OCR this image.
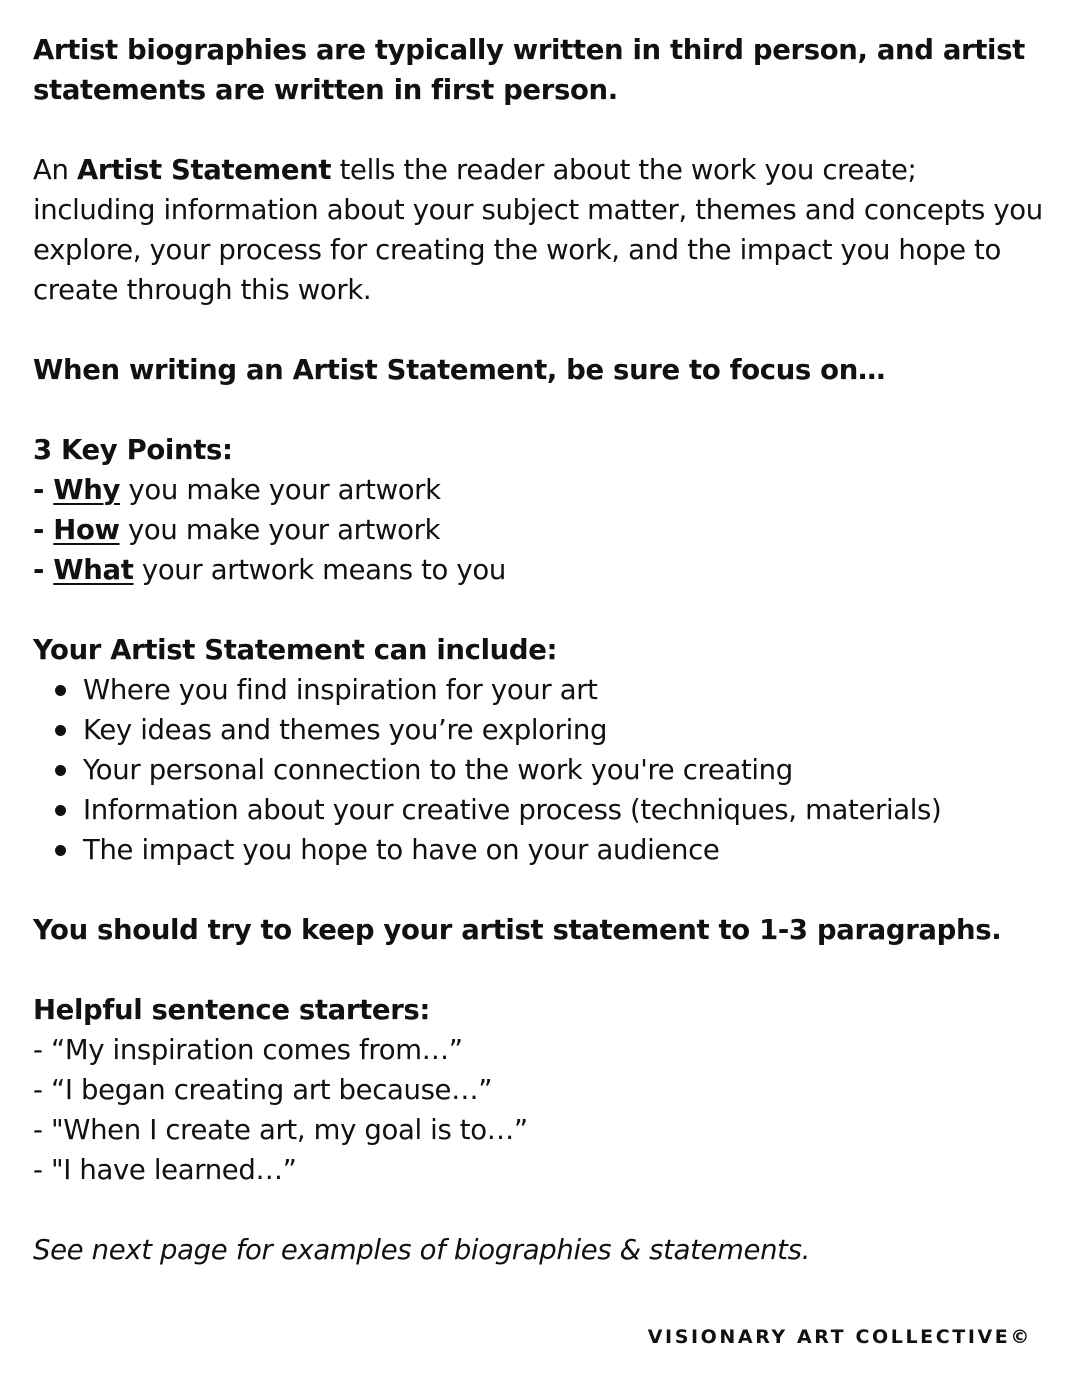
Artist biographies are typically written in third person, and artist
statements are written in first person.

An Artist Statement tells the reader about the work you create; including information about your subject matter, themes and concepts you explore, your process for creating the work, and the impact you hope to create through this work.

When writing an Artist Statement, be sure to focus on…

3 Key Points:

- Why you make your artwork

- How you make your artwork

- What your artwork means to you

Your Artist Statement can include:

Where you find inspiration for your art
Key ideas and themes you’re exploring
Your personal connection to the work you're creating
Information about your creative process (techniques, materials)
The impact you hope to have on your audience

You should try to keep your artist statement to 1-3 paragraphs.

Helpful sentence starters:

- “My inspiration comes from…”

- “I began creating art because…”

- "When I create art, my goal is to…”

- "I have learned…”

See next page for examples of biographies & statements.

VISIONARY ART COLLECTIVE©
